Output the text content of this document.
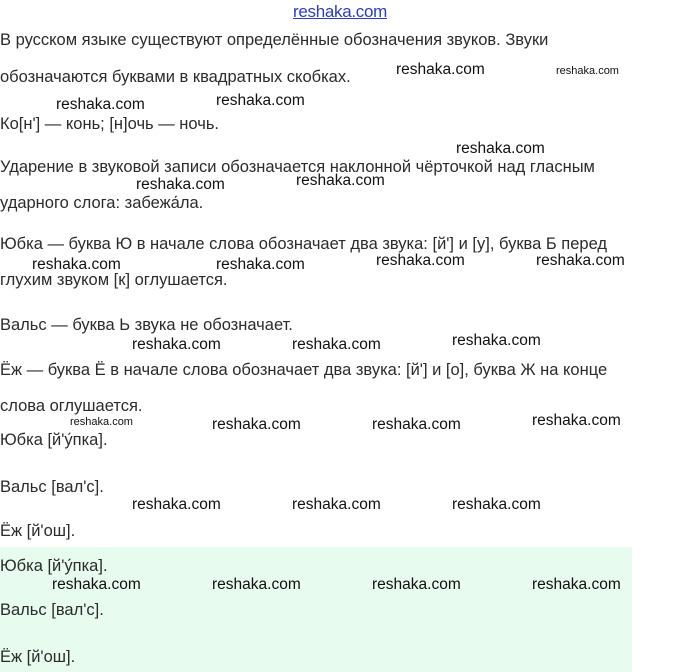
reshaka.com
В русском языке существуют определённые обозначения звуков. Звуки
обозначаются буквами в квадратных скобках.
Ко[н'] — конь; [н]очь — ночь.
Ударение в звуковой записи обозначается наклонной чёрточкой над гласным
ударного слога: забежа́ла.
Юбка — буква Ю в начале слова обозначает два звука: [й'] и [у], буква Б перед
глухим звуком [к] оглушается.
Вальс — буква Ь звука не обозначает.
Ёж — буква Ё в начале слова обозначает два звука: [й'] и [о], буква Ж на конце
слова оглушается.
Юбка [й'у́пка].
Вальс [вал'с].
Ёж [й'ош].
Юбка [й'у́пка].
Вальс [вал'с].
Ёж [й'ош].
reshaka.com	reshaka.com
reshaka.com	reshaka.com
reshaka.com
reshaka.com	reshaka.com
reshaka.com	reshaka.com	reshaka.com	reshaka.com
reshaka.com
reshaka.com	reshaka.com
reshaka.com	reshaka.com	reshaka.com	reshaka.com
reshaka.com	reshaka.com	reshaka.com
reshaka.com	reshaka.com	reshaka.com	reshaka.com
